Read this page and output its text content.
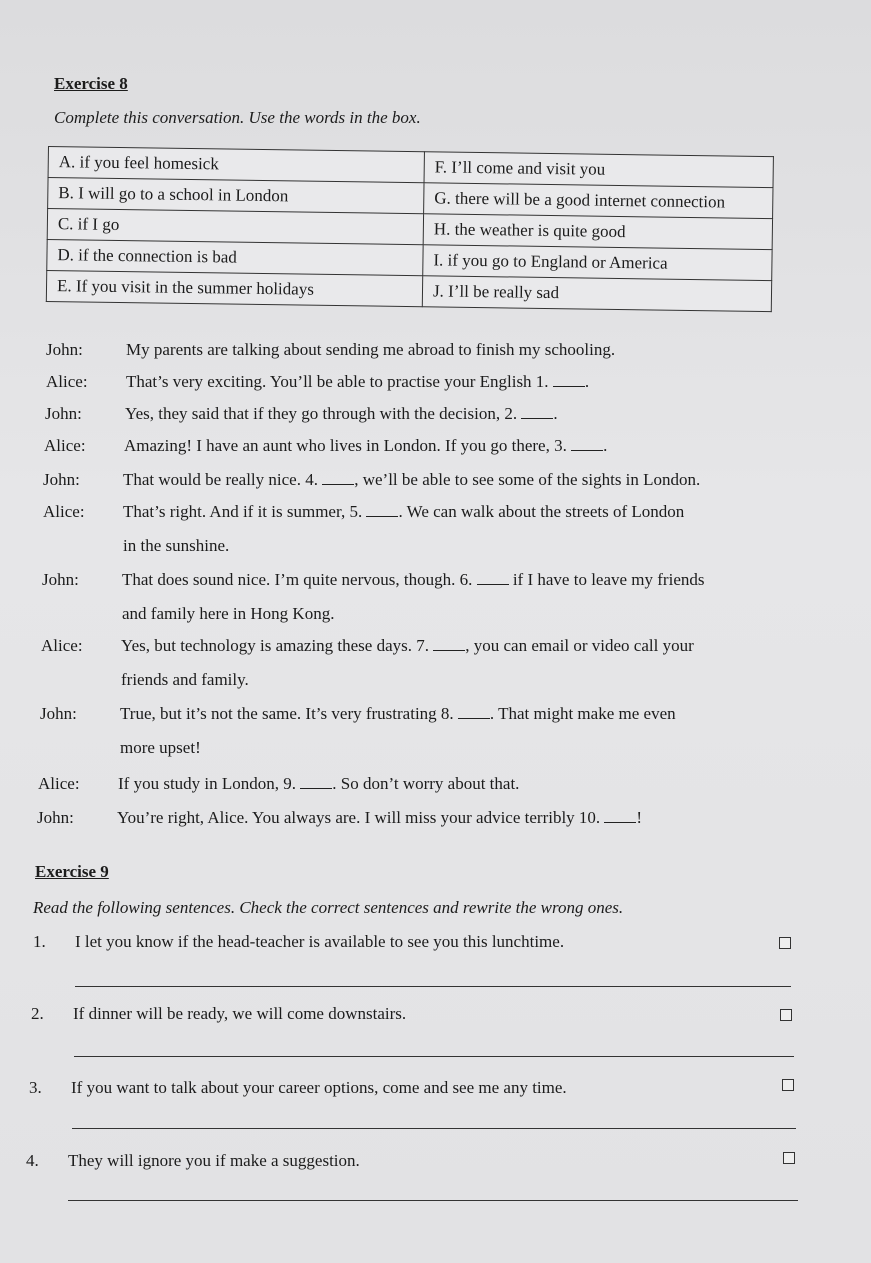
Exercise 8
Complete this conversation. Use the words in the box.
A. if you feel homesick	F. I’ll come and visit you
B. I will go to a school in London	G. there will be a good internet connection
C. if I go	H. the weather is quite good
D. if the connection is bad	I. if you go to England or America
E. If you visit in the summer holidays	J. I’ll be really sad
John:	My parents are talking about sending me abroad to finish my schooling.
Alice: That’s very exciting. You’ll be able to practise your English 1. .
John:	Yes, they said that if they go through with the decision, 2. .
Alice: Amazing! I have an aunt who lives in London. If you go there, 3. .
John:	That would be really nice. 4. , we’ll be able to see some of the sights in London.
Alice: That’s right. And if it is summer, 5. . We can walk about the streets of London
in the sunshine.
John:	That does sound nice. I’m quite nervous, though. 6.  if I have to leave my friends
and family here in Hong Kong.
Alice: Yes, but technology is amazing these days. 7. , you can email or video call your
friends and family.
John:	True, but it’s not the same. It’s very frustrating 8. . That might make me even
more upset!
Alice: If you study in London, 9. . So don’t worry about that.
John:	You’re right, Alice. You always are. I will miss your advice terribly 10. !
Exercise 9
Read the following sentences. Check the correct sentences and rewrite the wrong ones.
1. I let you know if the head-teacher is available to see you this lunchtime.
2. If dinner will be ready, we will come downstairs.
3. If you want to talk about your career options, come and see me any time.
4. They will ignore you if make a suggestion.
